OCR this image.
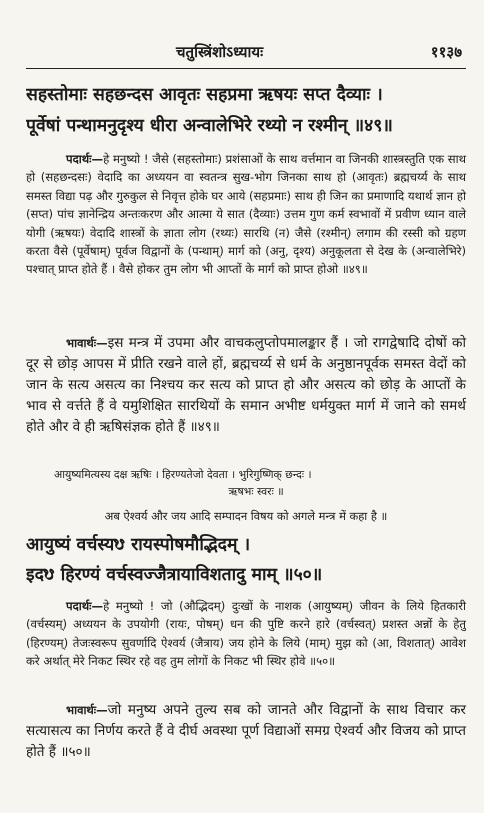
चतुस्त्रिंशोऽध्यायः	११३७
सहस्तोमाः सहछन्दस आवृतः सहप्रमा ऋषयः सप्त दैव्याः ।
पूर्वेषां पन्थामनुदृश्य धीरा अन्वालेभिरे रथ्यो न रश्मीन् ॥४९॥
पदार्थः—हे मनुष्यो ! जैसे (सहस्तोमाः) प्रशंसाओं के साथ वर्त्तमान वा जिनकी शास्त्रस्तुति एक साथ हो (सहछन्दसः) वेदादि का अध्ययन वा स्वतन्त्र सुख-भोग जिनका साथ हो (आवृतः) ब्रह्मचर्य्य के साथ समस्त विद्या पढ़ और गुरुकुल से निवृत्त होके घर आये (सहप्रमाः) साथ ही जिन का प्रमाणादि यथार्थ ज्ञान हो (सप्त) पांच ज्ञानेन्द्रिय अन्तःकरण और आत्मा ये सात (दैव्याः) उत्तम गुण कर्म स्वभावों में प्रवीण ध्यान वाले योगी (ऋषयः) वेदादि शास्त्रों के ज्ञाता लोग (रथ्यः) सारथि (न) जैसे (रश्मीन्) लगाम की रस्सी को ग्रहण करता वैसे (पूर्वेषाम्) पूर्वज विद्वानों के (पन्थाम्) मार्ग को (अनु, दृश्य) अनुकूलता से देख के (अन्वालेभिरे) पश्चात् प्राप्त होते हैं । वैसे होकर तुम लोग भी आप्तों के मार्ग को प्राप्त होओ ॥४९॥
भावार्थः—इस मन्त्र में उपमा और वाचकलुप्तोपमालङ्कार हैं । जो रागद्वेषादि दोषों को दूर से छोड़ आपस में प्रीति रखने वाले हों, ब्रह्मचर्य्य से धर्म के अनुष्ठानपूर्वक समस्त वेदों को जान के सत्य असत्य का निश्चय कर सत्य को प्राप्त हो और असत्य को छोड़ के आप्तों के भाव से वर्त्तते हैं वे यमुशिक्षित सारथियों के समान अभीष्ट धर्मयुक्त मार्ग में जाने को समर्थ होते और वे ही ऋषिसंज्ञक होते हैं ॥४९॥
आयुष्यमित्यस्य दक्ष ऋषिः । हिरण्यतेजो देवता । भुरिगुष्णिक् छन्दः ।
ऋषभः स्वरः ॥
अब ऐश्वर्य और जय आदि सम्पादन विषय को अगले मन्त्र में कहा है ॥
आयुष्यं वर्चस्यᳪ रायस्पोषमौद्भिदम् ।
इदᳪ हिरण्यं वर्चस्वज्जैत्रायाविशतादु माम् ॥५०॥
पदार्थः—हे मनुष्यो ! जो (औद्भिदम्) दुःखों के नाशक (आयुष्यम्) जीवन के लिये हितकारी (वर्चस्यम्) अध्ययन के उपयोगी (रायः, पोषम्) धन की पुष्टि करने हारे (वर्चस्वत्) प्रशस्त अन्नों के हेतु (हिरण्यम्) तेजःस्वरूप सुवर्णादि ऐश्वर्य (जैत्राय) जय होने के लिये (माम्) मुझ को (आ, विशतात्) आवेश करे अर्थात् मेरे निकट स्थिर रहे वह तुम लोगों के निकट भी स्थिर होवे ॥५०॥
भावार्थः—जो मनुष्य अपने तुल्य सब को जानते और विद्वानों के साथ विचार कर सत्यासत्य का निर्णय करते हैं वे दीर्घ अवस्था पूर्ण विद्याओं समग्र ऐश्वर्य और विजय को प्राप्त होते हैं ॥५०॥
